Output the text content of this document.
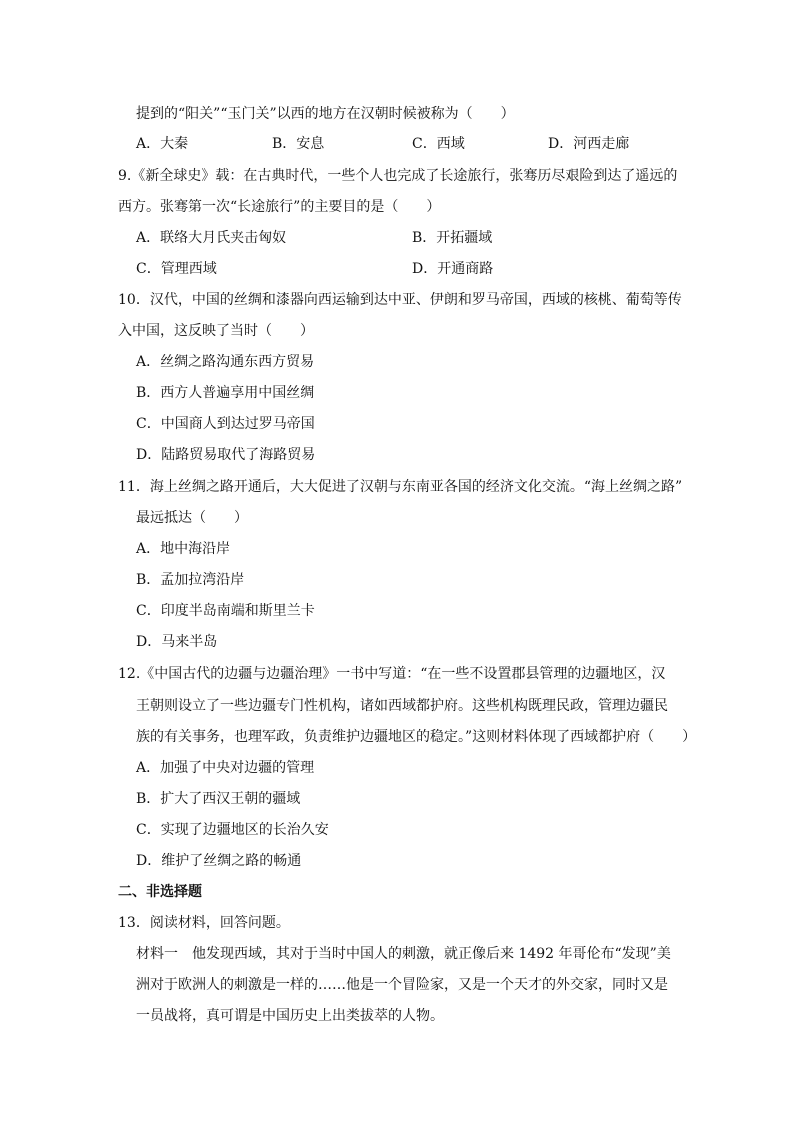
提到的“阳关”“玉门关”以西的地方在汉朝时候被称为（　　）
A．大秦	B．安息	C．西域	D．河西走廊
9.《新全球史》载：在古典时代，一些个人也完成了长途旅行，张骞历尽艰险到达了遥远的
西方。张骞第一次“长途旅行”的主要目的是（　　）
A．联络大月氏夹击匈奴	B．开拓疆域
C．管理西域	D．开通商路
10．汉代，中国的丝绸和漆器向西运输到达中亚、伊朗和罗马帝国，西域的核桃、葡萄等传
入中国，这反映了当时（　　）
A．丝绸之路沟通东西方贸易
B．西方人普遍享用中国丝绸
C．中国商人到达过罗马帝国
D．陆路贸易取代了海路贸易
11．海上丝绸之路开通后，大大促进了汉朝与东南亚各国的经济文化交流。“海上丝绸之路”
最远抵达（　　）
A．地中海沿岸
B．孟加拉湾沿岸
C．印度半岛南端和斯里兰卡
D．马来半岛
12.《中国古代的边疆与边疆治理》一书中写道：“在一些不设置郡县管理的边疆地区，汉
王朝则设立了一些边疆专门性机构，诸如西域都护府。这些机构既理民政，管理边疆民
族的有关事务，也理军政，负责维护边疆地区的稳定。”这则材料体现了西域都护府（　　）
A．加强了中央对边疆的管理
B．扩大了西汉王朝的疆域
C．实现了边疆地区的长治久安
D．维护了丝绸之路的畅通
二、非选择题
13．阅读材料，回答问题。
材料一　他发现西域，其对于当时中国人的刺激，就正像后来 1492 年哥伦布“发现”美
洲对于欧洲人的刺激是一样的……他是一个冒险家，又是一个天才的外交家，同时又是
一员战将，真可谓是中国历史上出类拔萃的人物。
